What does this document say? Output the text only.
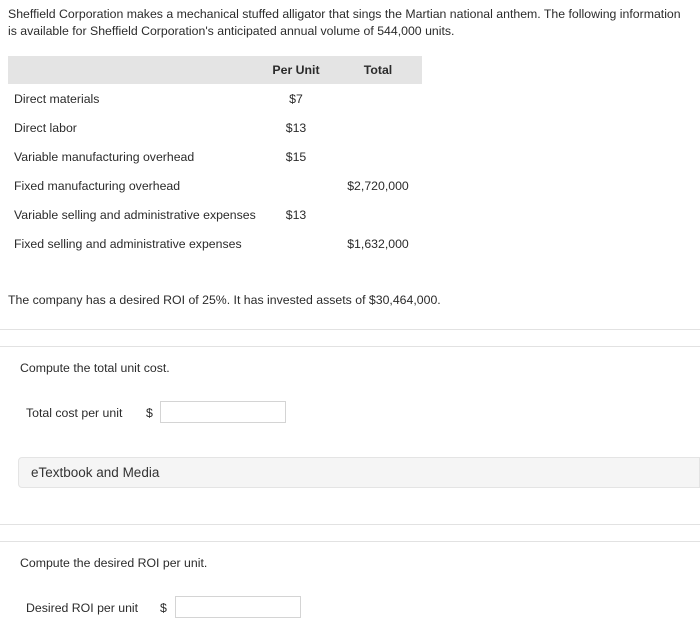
Sheffield Corporation makes a mechanical stuffed alligator that sings the Martian national anthem. The following information is available for Sheffield Corporation's anticipated annual volume of 544,000 units.
	Per Unit	Total
Direct materials	$7	
Direct labor	$13	
Variable manufacturing overhead	$15	
Fixed manufacturing overhead		$2,720,000
Variable selling and administrative expenses	$13	
Fixed selling and administrative expenses		$1,632,000
The company has a desired ROI of 25%. It has invested assets of $30,464,000.
Compute the total unit cost.
Total cost per unit $
eTextbook and Media
Compute the desired ROI per unit.
Desired ROI per unit $
